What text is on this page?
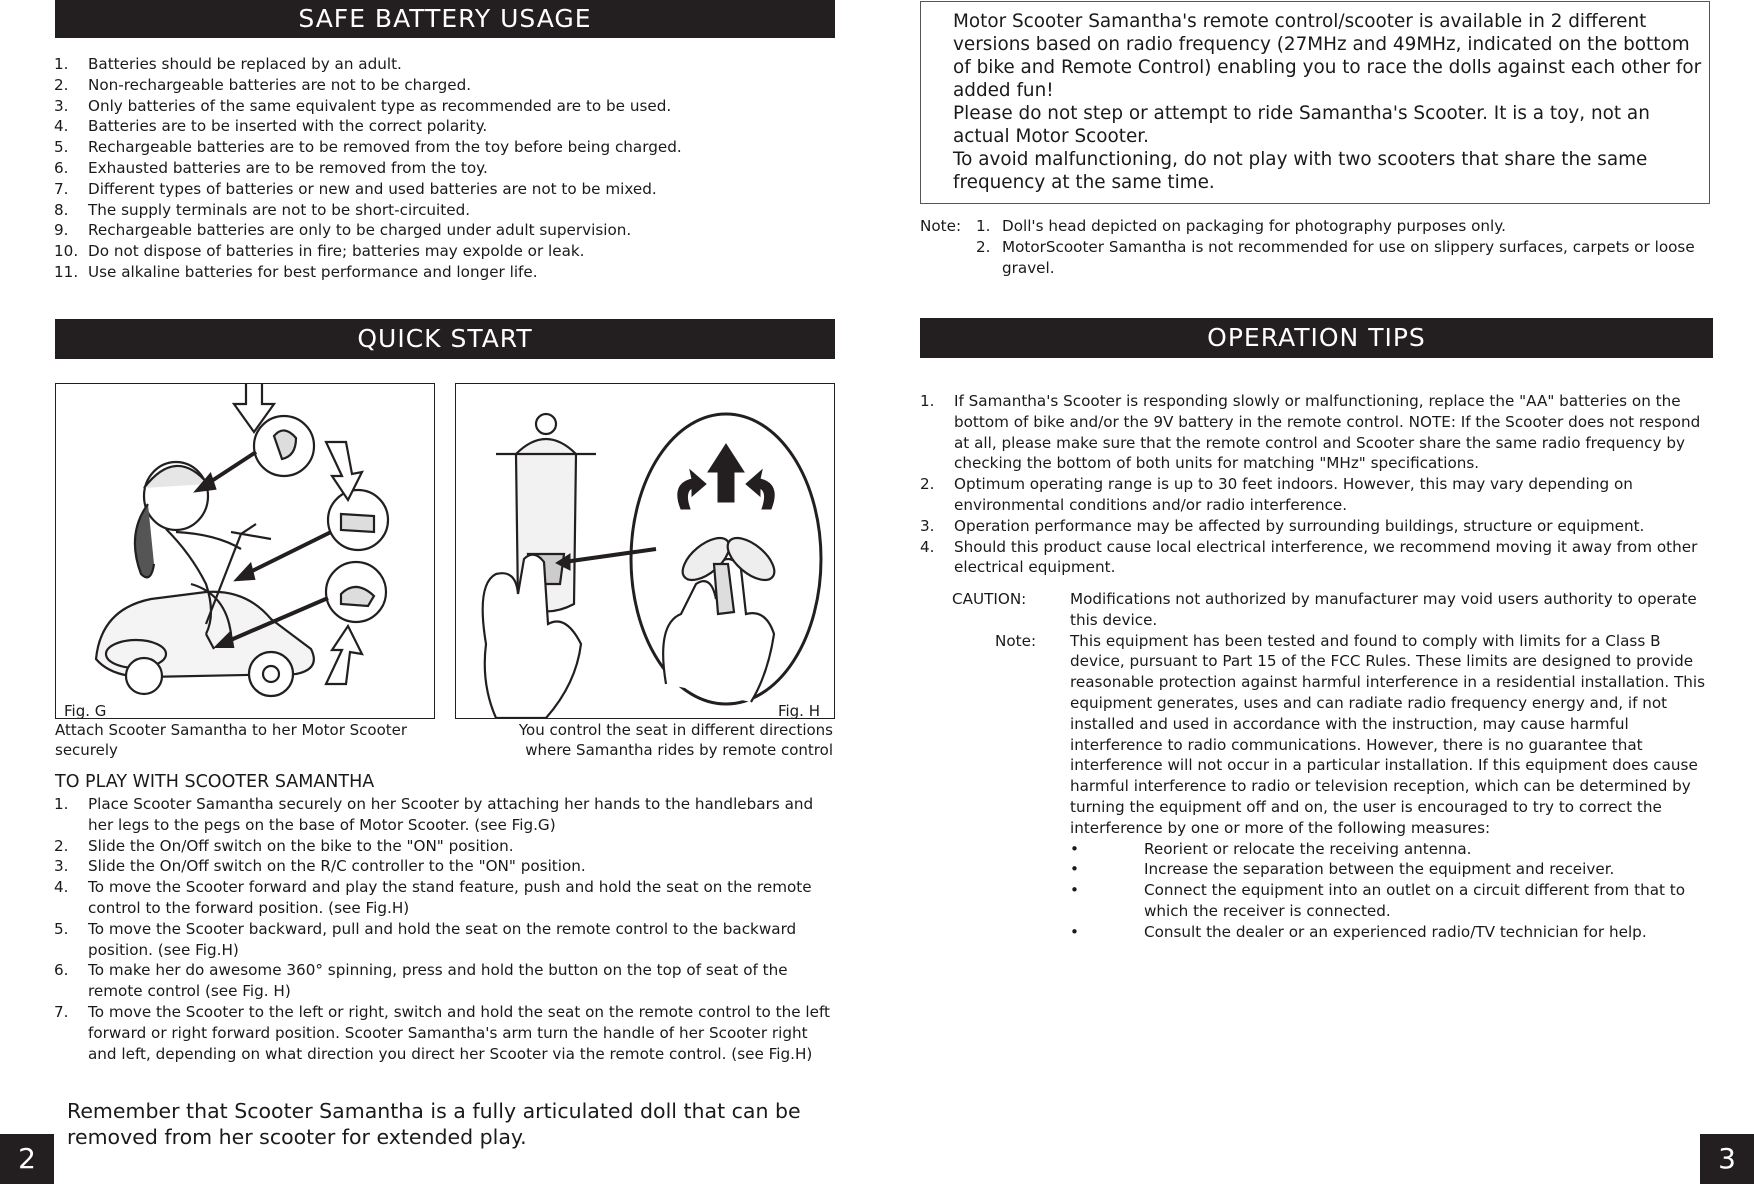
SAFE BATTERY USAGE
1. Batteries should be replaced by an adult.
2. Non-rechargeable batteries are not to be charged.
3. Only batteries of the same equivalent type as recommended are to be used.
4. Batteries are to be inserted with the correct polarity.
5. Rechargeable batteries are to be removed from the toy before being charged.
6. Exhausted batteries are to be removed from the toy.
7. Different types of batteries or new and used batteries are not to be mixed.
8. The supply terminals are not to be short-circuited.
9. Rechargeable batteries are only to be charged under adult supervision.
10. Do not dispose of batteries in fire; batteries may expolde or leak.
11. Use alkaline batteries for best performance and longer life.
QUICK START
Fig. G
Attach Scooter Samantha to her Motor Scooter securely
Fig. H
You control the seat in different directions
where Samantha rides by remote control
TO PLAY WITH SCOOTER SAMANTHA
1. Place Scooter Samantha securely on her Scooter by attaching her hands to the handlebars and her legs to the pegs on the base of Motor Scooter. (see Fig.G)
2. Slide the On/Off switch on the bike to the "ON" position.
3. Slide the On/Off switch on the R/C controller to the "ON" position.
4. To move the Scooter forward and play the stand feature, push and hold the seat on the remote control to the forward position. (see Fig.H)
5. To move the Scooter backward, pull and hold the seat on the remote control to the backward position. (see Fig.H)
6. To make her do awesome 360° spinning, press and hold the button on the top of seat of the remote control (see Fig. H)
7. To move the Scooter to the left or right, switch and hold the seat on the remote control to the left forward or right forward position. Scooter Samantha's arm turn the handle of her Scooter right and left, depending on what direction you direct her Scooter via the remote control. (see Fig.H)
Remember that Scooter Samantha is a fully articulated doll that can be removed from her scooter for extended play.
2

Motor Scooter Samantha's remote control/scooter is available in 2 different versions based on radio frequency (27MHz and 49MHz, indicated on the bottom of bike and Remote Control) enabling you to race the dolls against each other for added fun!

Please do not step or attempt to ride Samantha's Scooter. It is a toy, not an actual Motor Scooter.

To avoid malfunctioning, do not play with two scooters that share the same frequency at the same time.

Note: 1. Doll's head depicted on packaging for photography purposes only.
2. MotorScooter Samantha is not recommended for use on slippery surfaces, carpets or loose gravel.
OPERATION TIPS
1. If Samantha's Scooter is responding slowly or malfunctioning, replace the "AA" batteries on the bottom of bike and/or the 9V battery in the remote control. NOTE: If the Scooter does not respond at all, please make sure that the remote control and Scooter share the same radio frequency by checking the bottom of both units for matching "MHz" specifications.
2. Optimum operating range is up to 30 feet indoors. However, this may vary depending on environmental conditions and/or radio interference.
3. Operation performance may be affected by surrounding buildings, structure or equipment.
4. Should this product cause local electrical interference, we recommend moving it away from other electrical equipment.
CAUTION:	Modifications not authorized by manufacturer may void users authority to operate this device.
Note: This equipment has been tested and found to comply with limits for a Class B device, pursuant to Part 15 of the FCC Rules. These limits are designed to provide reasonable protection against harmful interference in a residential installation. This equipment generates, uses and can radiate radio frequency energy and, if not installed and used in accordance with the instruction, may cause harmful interference to radio communications. However, there is no guarantee that interference will not occur in a particular installation. If this equipment does cause harmful interference to radio or television reception, which can be determined by turning the equipment off and on, the user is encouraged to try to correct the interference by one or more of the following measures:
•	Reorient or relocate the receiving antenna.
•	Increase the separation between the equipment and receiver.
•	Connect the equipment into an outlet on a circuit different from that to which the receiver is connected.
•	Consult the dealer or an experienced radio/TV technician for help.
3
